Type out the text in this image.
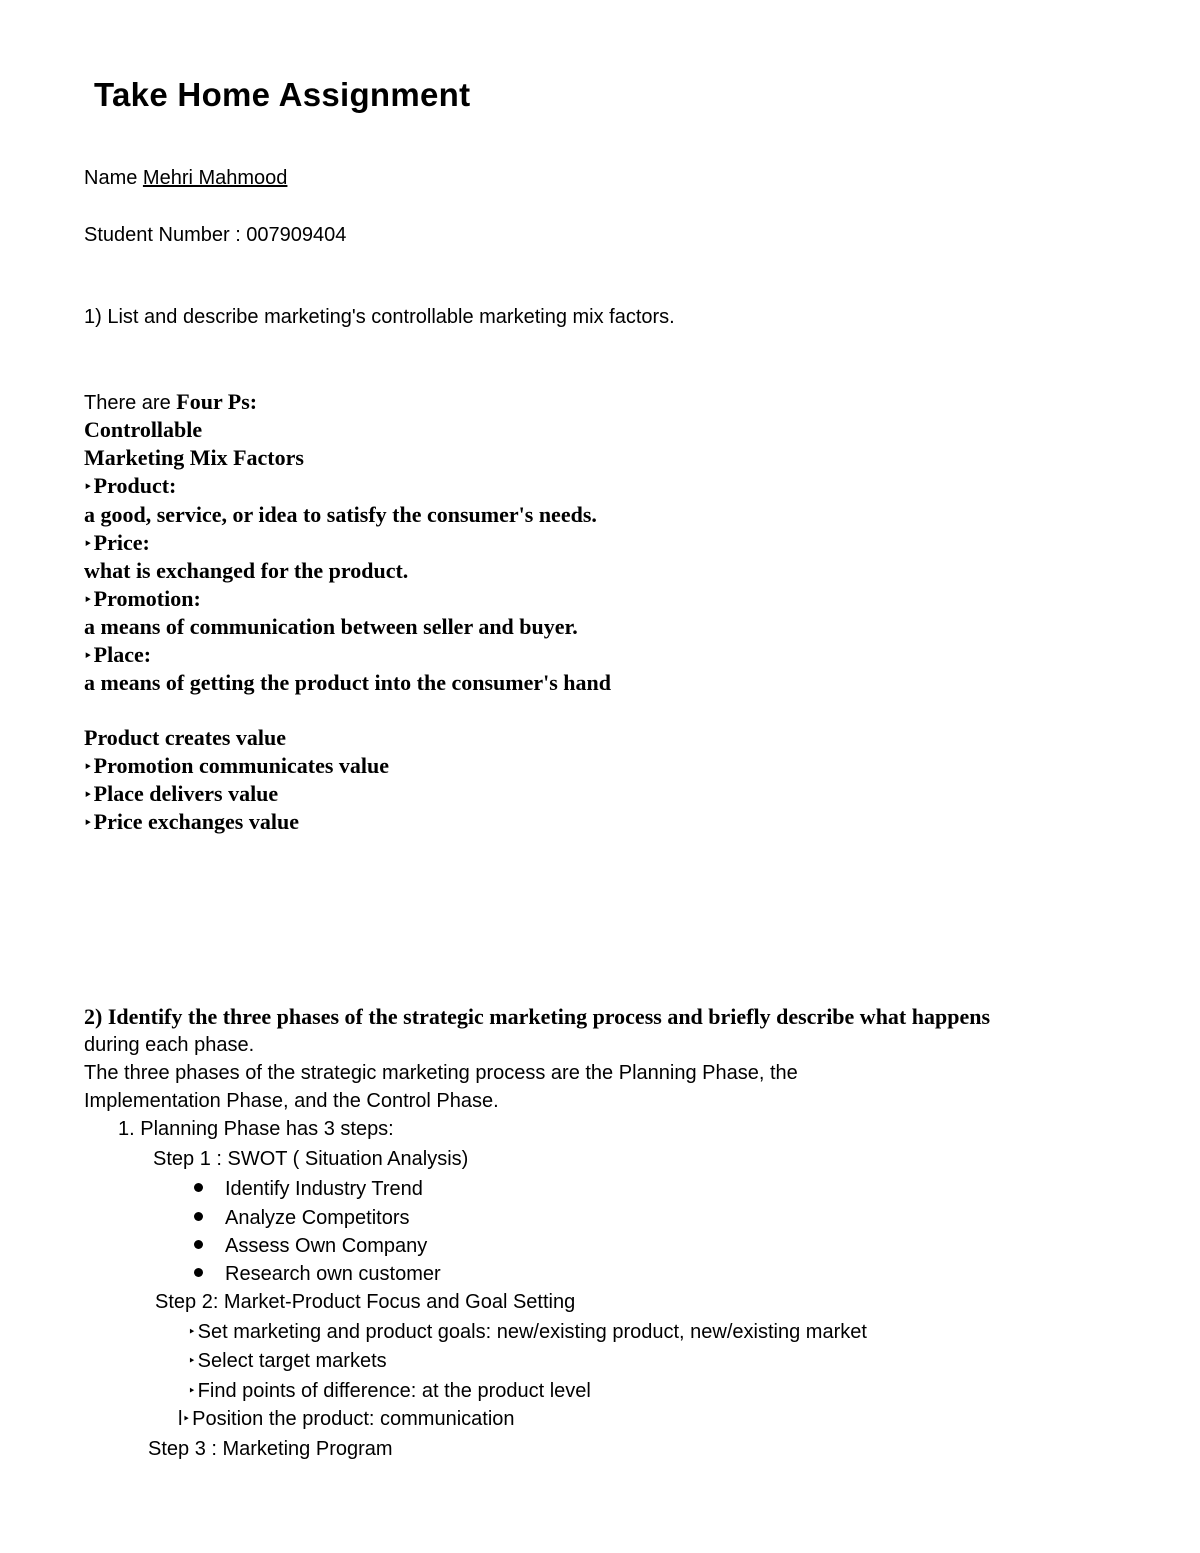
Take Home Assignment
Name Mehri Mahmood
Student Number : 007909404
1) List and describe marketing's controllable marketing mix factors.
There are Four Ps:
Controllable
Marketing Mix Factors
‣Product:
a good, service, or idea to satisfy the consumer's needs.
‣Price:
what is exchanged for the product.
‣Promotion:
a means of communication between seller and buyer.
‣Place:
a means of getting the product into the consumer's hand
Product creates value
‣Promotion communicates value
‣Place delivers value
‣Price exchanges value
2) Identify the three phases of the strategic marketing process and briefly describe what happens
during each phase.
The three phases of the strategic marketing process are the Planning Phase, the
Implementation Phase, and the Control Phase.
1. Planning Phase has 3 steps:
Step 1 : SWOT ( Situation Analysis)
Identify Industry Trend
Analyze Competitors
Assess Own Company
Research own customer
Step 2: Market-Product Focus and Goal Setting
‣ Set marketing and product goals: new/existing product, new/existing market
‣ Select target markets
‣ Find points of difference: at the product level
l‣ Position the product: communication
Step 3 : Marketing Program
